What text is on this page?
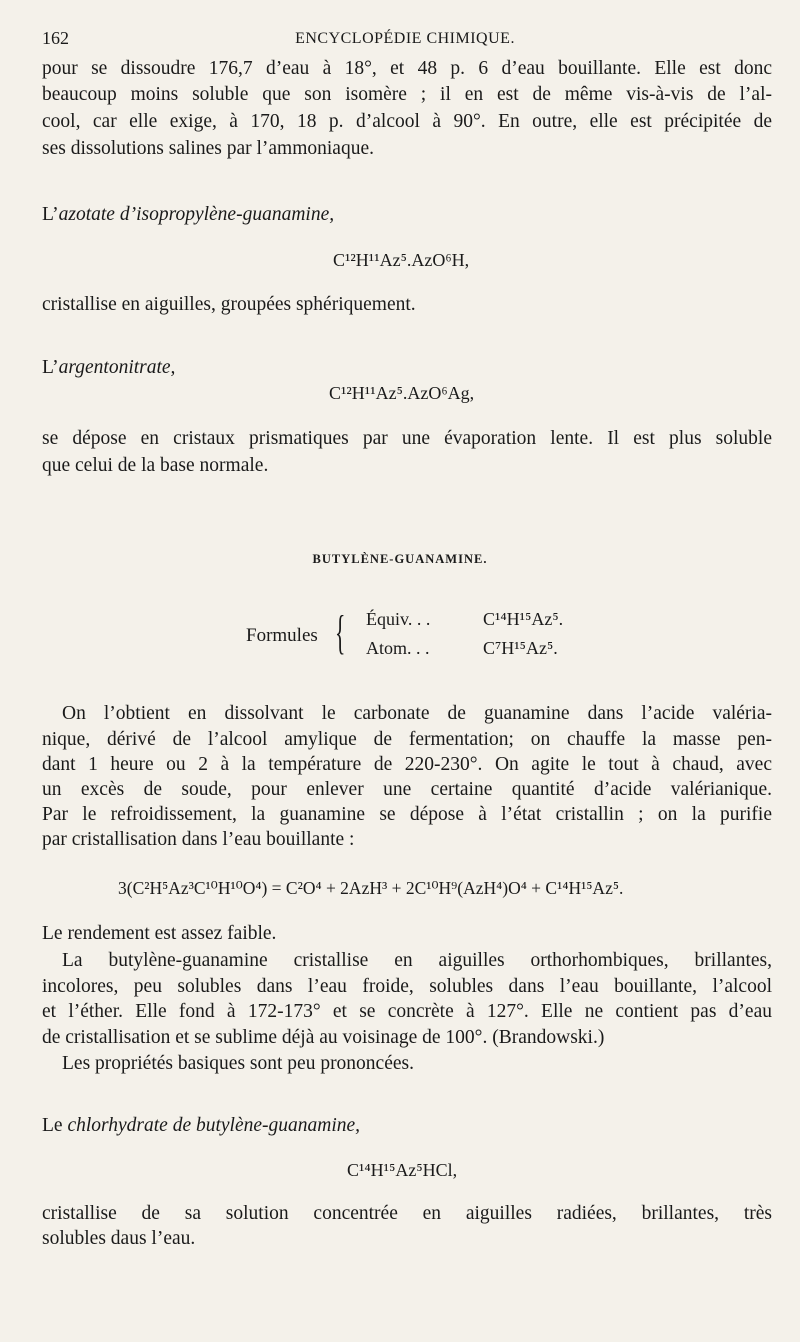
162	ENCYCLOPÉDIE CHIMIQUE.
pour se dissoudre 176,7 d’eau à 18°, et 48 p. 6 d’eau bouillante. Elle est donc
beaucoup moins soluble que son isomère ; il en est de même vis-à-vis de l’al-
cool, car elle exige, à 170, 18 p. d’alcool à 90°. En outre, elle est précipitée de
ses dissolutions salines par l’ammoniaque.
L’azotate d’isopropylène-guanamine,
C¹²H¹¹Az⁵.AzO⁶H,
cristallise en aiguilles, groupées sphériquement.
L’argentonitrate,
C¹²H¹¹Az⁵.AzO⁶Ag,
se dépose en cristaux prismatiques par une évaporation lente. Il est plus soluble
que celui de la base normale.
BUTYLÈNE-GUANAMINE.
Formules { Équiv. . .	C¹⁴H¹⁵Az⁵.
Atom. . .	C⁷H¹⁵Az⁵.
On l’obtient en dissolvant le carbonate de guanamine dans l’acide valéria-
nique, dérivé de l’alcool amylique de fermentation; on chauffe la masse pen-
dant 1 heure ou 2 à la température de 220-230°. On agite le tout à chaud, avec
un excès de soude, pour enlever une certaine quantité d’acide valérianique.
Par le refroidissement, la guanamine se dépose à l’état cristallin ; on la purifie
par cristallisation dans l’eau bouillante :
3(C²H⁵Az³C¹⁰H¹⁰O⁴) = C²O⁴ + 2AzH³ + 2C¹⁰H⁹(AzH⁴)O⁴ + C¹⁴H¹⁵Az⁵.
Le rendement est assez faible.
La butylène-guanamine cristallise en aiguilles orthorhombiques, brillantes,
incolores, peu solubles dans l’eau froide, solubles dans l’eau bouillante, l’alcool
et l’éther. Elle fond à 172-173° et se concrète à 127°. Elle ne contient pas d’eau
de cristallisation et se sublime déjà au voisinage de 100°. (Brandowski.)
Les propriétés basiques sont peu prononcées.
Le chlorhydrate de butylène-guanamine,
C¹⁴H¹⁵Az⁵HCl,
cristallise de sa solution concentrée en aiguilles radiées, brillantes, très
solubles daus l’eau.
